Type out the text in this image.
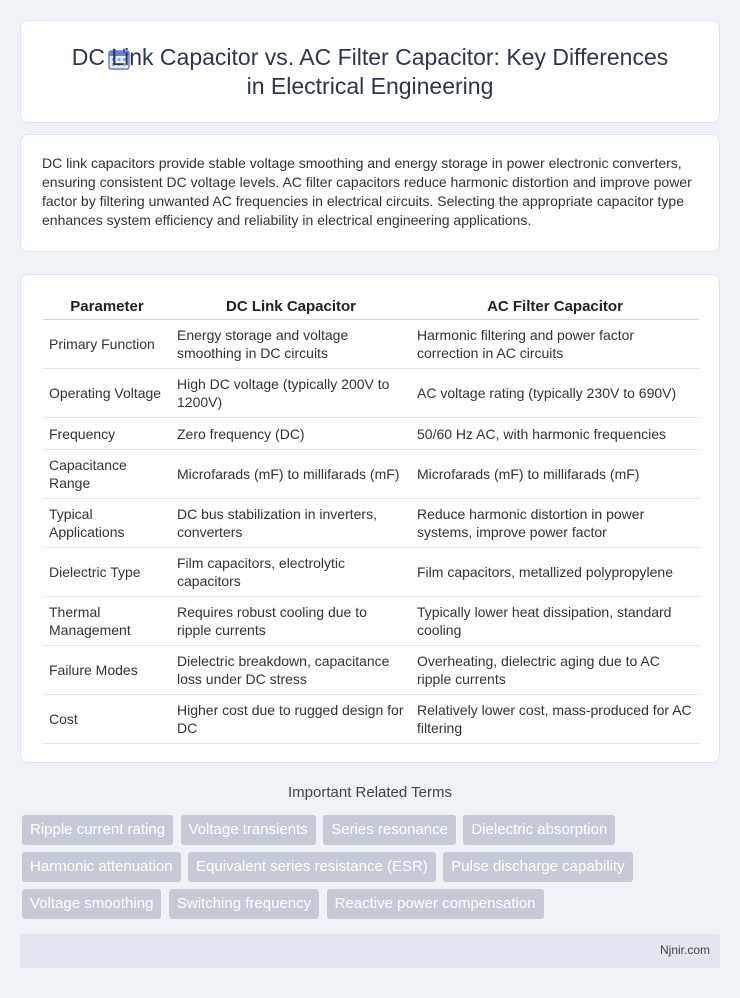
DC Link Capacitor vs. AC Filter Capacitor: Key Differences in Electrical Engineering

DC link capacitors provide stable voltage smoothing and energy storage in power electronic converters, ensuring consistent DC voltage levels. AC filter capacitors reduce harmonic distortion and improve power factor by filtering unwanted AC frequencies in electrical circuits. Selecting the appropriate capacitor type enhances system efficiency and reliability in electrical engineering applications.

Parameter	DC Link Capacitor	AC Filter Capacitor
Primary Function	Energy storage and voltage smoothing in DC circuits	Harmonic filtering and power factor correction in AC circuits
Operating Voltage	High DC voltage (typically 200V to 1200V)	AC voltage rating (typically 230V to 690V)
Frequency	Zero frequency (DC)	50/60 Hz AC, with harmonic frequencies
Capacitance Range	Microfarads (mF) to millifarads (mF)	Microfarads (mF) to millifarads (mF)
Typical Applications	DC bus stabilization in inverters, converters	Reduce harmonic distortion in power systems, improve power factor
Dielectric Type	Film capacitors, electrolytic capacitors	Film capacitors, metallized polypropylene
Thermal Management	Requires robust cooling due to ripple currents	Typically lower heat dissipation, standard cooling
Failure Modes	Dielectric breakdown, capacitance loss under DC stress	Overheating, dielectric aging due to AC ripple currents
Cost	Higher cost due to rugged design for DC	Relatively lower cost, mass-produced for AC filtering
Important Related Terms
Ripple current rating Voltage transients Series resonance Dielectric absorption Harmonic attenuation Equivalent series resistance (ESR) Pulse discharge capability Voltage smoothing Switching frequency Reactive power compensation
Njnir.com
